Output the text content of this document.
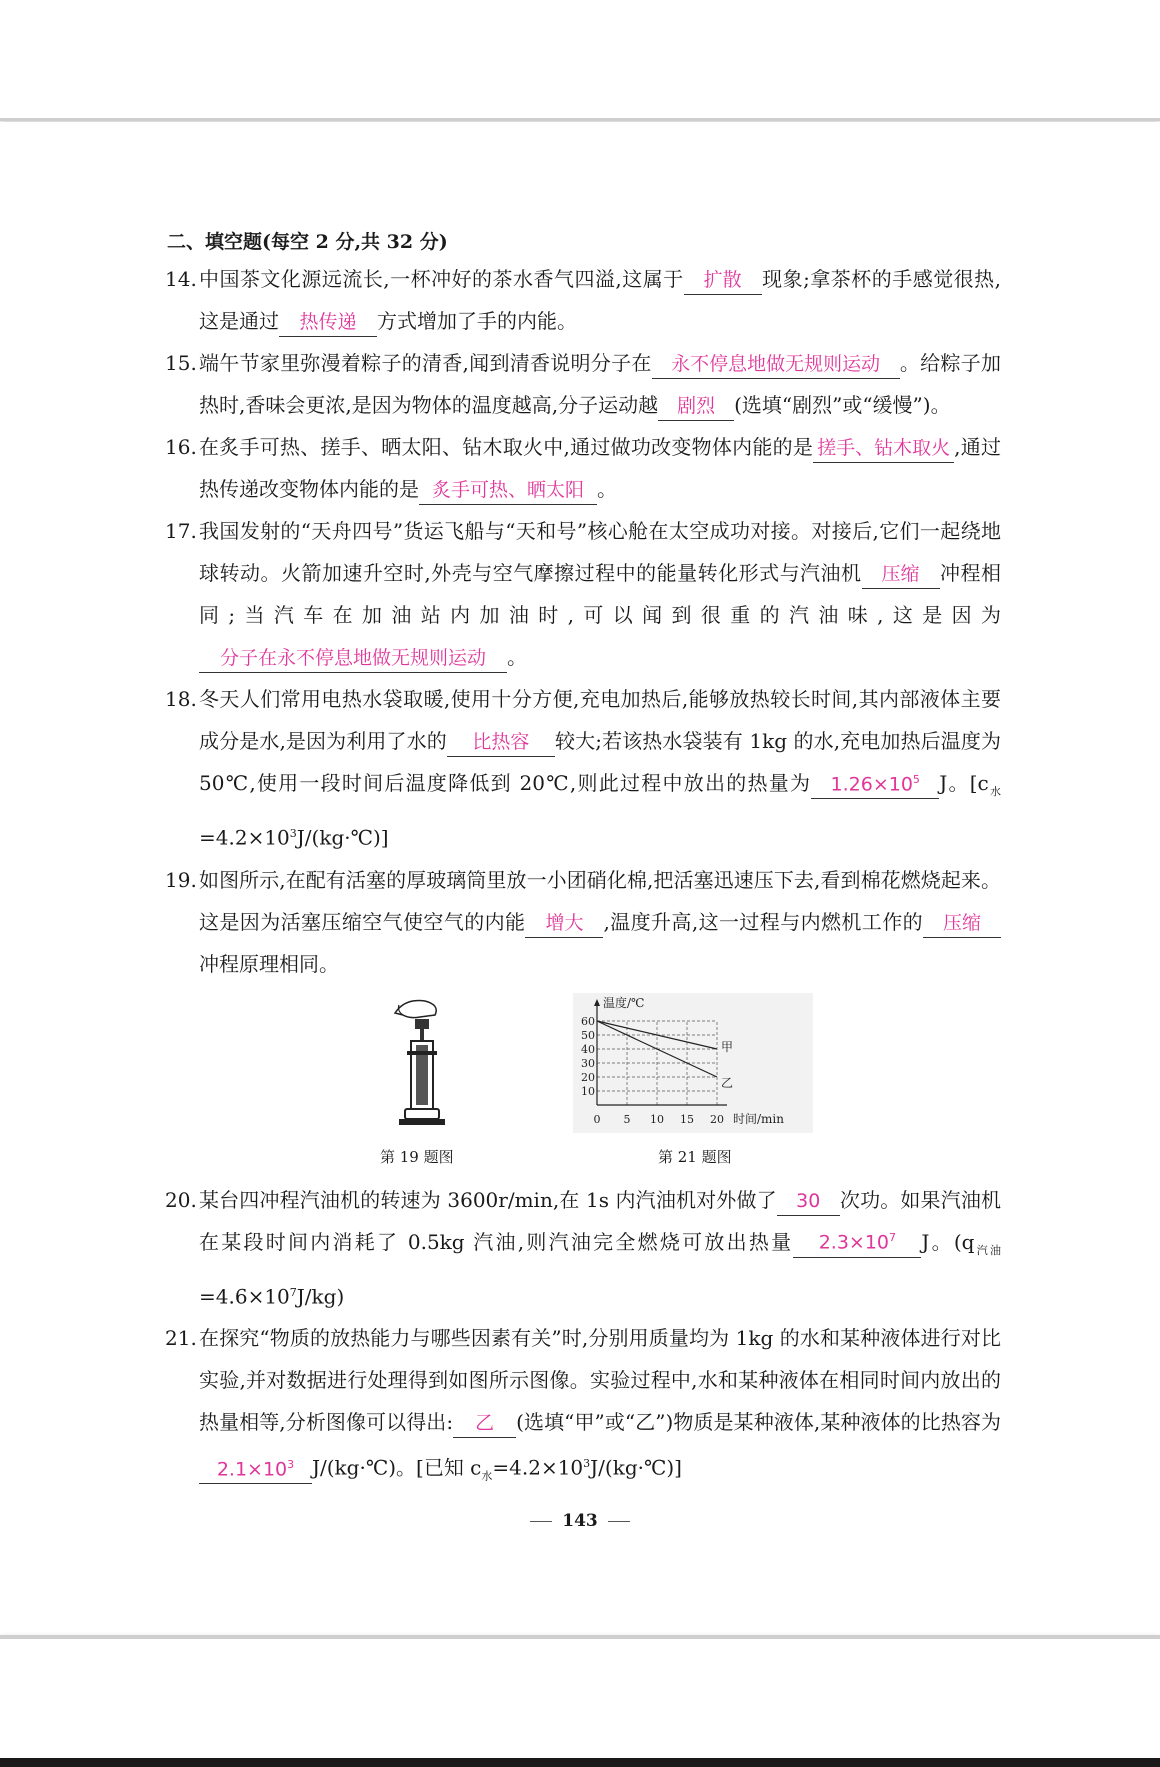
二、填空题(每空 2 分,共 32 分)
14. 中国茶文化源远流长,一杯冲好的茶水香气四溢,这属于 扩散 现象;拿茶杯的手感觉很热,这是通过 热传递 方式增加了手的内能。
15. 端午节家里弥漫着粽子的清香,闻到清香说明分子在 永不停息地做无规则运动 。给粽子加热时,香味会更浓,是因为物体的温度越高,分子运动越 剧烈 (选填“剧烈”或“缓慢”)。
16. 在炙手可热、搓手、晒太阳、钻木取火中,通过做功改变物体内能的是 搓手、钻木取火 ,通过热传递改变物体内能的是 炙手可热、晒太阳 。
17. 我国发射的“天舟四号”货运飞船与“天和号”核心舱在太空成功对接。对接后,它们一起绕地球转动。火箭加速升空时,外壳与空气摩擦过程中的能量转化形式与汽油机 压缩 冲程相同;当汽车在加油站内加油时,可以闻到很重的汽油味,这是因为分子在永不停息地做无规则运动 。
18. 冬天人们常用电热水袋取暖,使用十分方便,充电加热后,能够放热较长时间,其内部液体主要成分是水,是因为利用了水的 比热容 较大;若该热水袋装有 1kg 的水,充电加热后温度为 50℃,使用一段时间后温度降低到 20℃,则此过程中放出的热量为 $1.26\times 10^5$ J。$[c_水=4.2\times 10^3J/(kg\cdot℃)]$
19. 如图所示,在配有活塞的厚玻璃筒里放一小团硝化棉,把活塞迅速压下去,看到棉花燃烧起来。这是因为活塞压缩空气使空气的内能 增大 ,温度升高,这一过程与内燃机工作的 压缩冲程原理相同。
10
20
30
40
50
60
0 5 10 15 20
温度/℃
时间/min
甲
乙
第 19 题图	第 21 题图
20. 某台四冲程汽油机的转速为 3600r/min,在 1s 内汽油机对外做了 30 次功。如果汽油机在某段时间内消耗了 0.5kg 汽油,则汽油完全燃烧可放出热量 $2.3\times 10^7$ J。$(q_{汽油}=4.6\times 10^7J/kg)$
21. 在探究“物质的放热能力与哪些因素有关”时,分别用质量均为 1kg 的水和某种液体进行对比实验,并对数据进行处理得到如图所示图像。实验过程中,水和某种液体在相同时间内放出的热量相等,分析图像可以得出: 乙 (选填“甲”或“乙”)物质是某种液体,某种液体的比热容为$2.1\times 10^3$ J/(kg·℃)。[已知 $c_水=4.2\times 10^3J/(kg\cdot℃)$]
143
